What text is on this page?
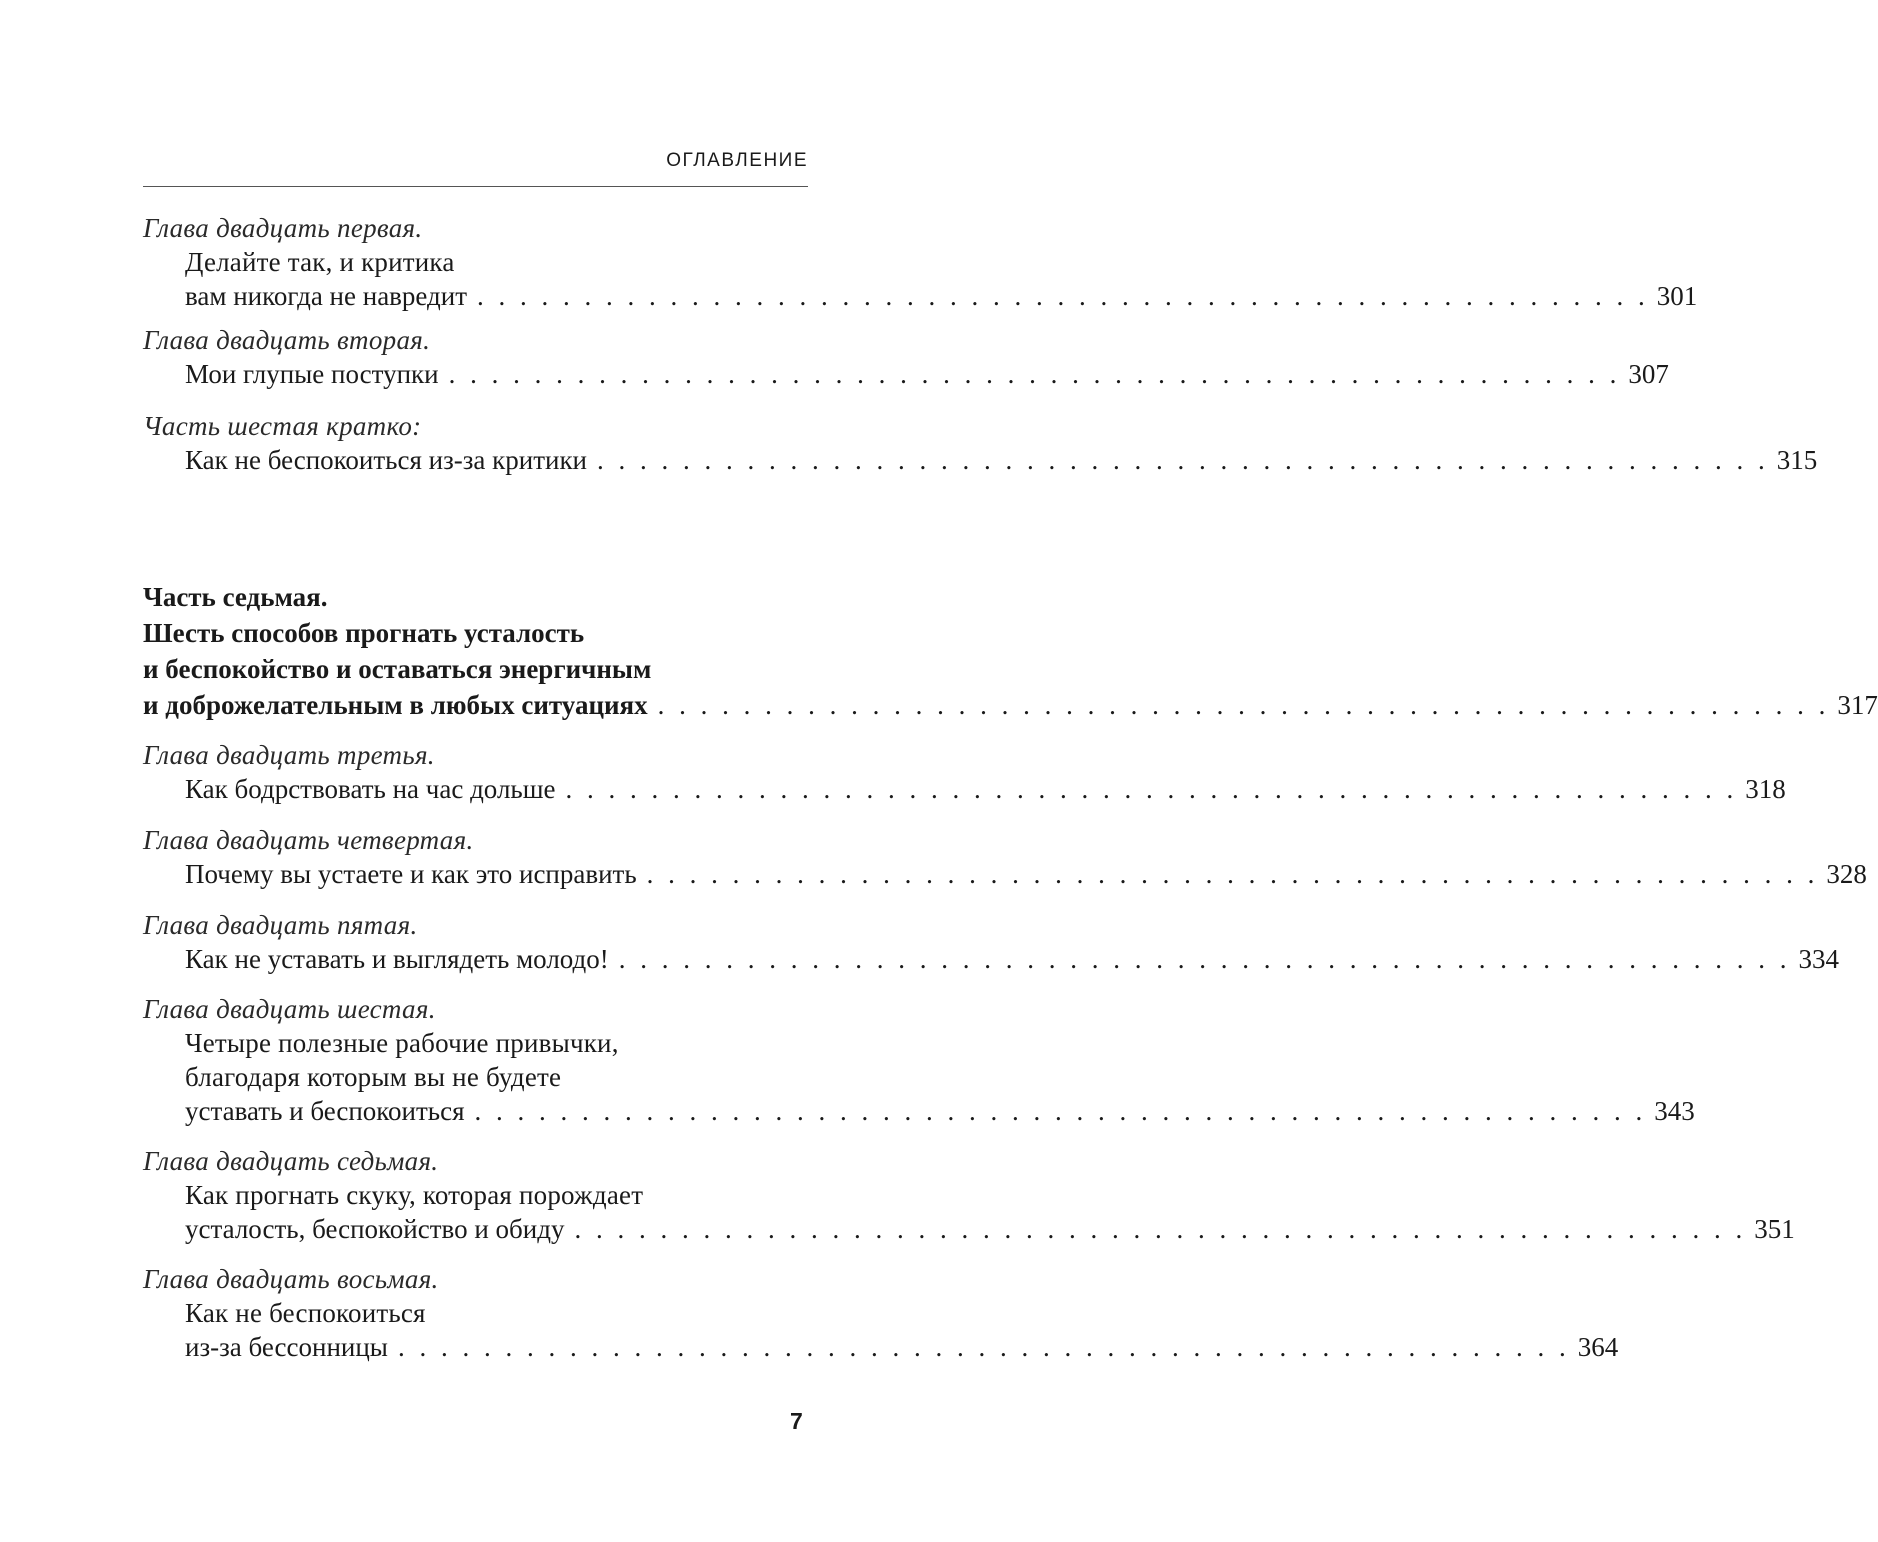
ОГЛАВЛЕНИЕ
Глава двадцать первая.
Делайте так, и критика
вам никогда не навредит . . . . . . . . . . . . . . . . . . . . . . . . . . . . . . . . . . . . . . . . . . . . . . . . . . . . . . . 301
Глава двадцать вторая.
Мои глупые поступки . . . . . . . . . . . . . . . . . . . . . . . . . . . . . . . . . . . . . . . . . . . . . . . . . . . . . . . 307
Часть шестая кратко:
Как не беспокоиться из-за критики . . . . . . . . . . . . . . . . . . . . . . . . . . . . . . . . . . . . . . . . . . . . . . . . . . . . . . . 315
Часть седьмая.
Шесть способов прогнать усталость
и беспокойство и оставаться энергичным
и доброжелательным в любых ситуациях . . . . . . . . . . . . . . . . . . . . . . . . . . . . . . . . . . . . . . . . . . . . . . . . . . . . . . . 317
Глава двадцать третья.
Как бодрствовать на час дольше . . . . . . . . . . . . . . . . . . . . . . . . . . . . . . . . . . . . . . . . . . . . . . . . . . . . . . . 318
Глава двадцать четвертая.
Почему вы устаете и как это исправить . . . . . . . . . . . . . . . . . . . . . . . . . . . . . . . . . . . . . . . . . . . . . . . . . . . . . . . 328
Глава двадцать пятая.
Как не уставать и выглядеть молодо! . . . . . . . . . . . . . . . . . . . . . . . . . . . . . . . . . . . . . . . . . . . . . . . . . . . . . . . 334
Глава двадцать шестая.
Четыре полезные рабочие привычки,
благодаря которым вы не будете
уставать и беспокоиться . . . . . . . . . . . . . . . . . . . . . . . . . . . . . . . . . . . . . . . . . . . . . . . . . . . . . . . 343
Глава двадцать седьмая.
Как прогнать скуку, которая порождает
усталость, беспокойство и обиду . . . . . . . . . . . . . . . . . . . . . . . . . . . . . . . . . . . . . . . . . . . . . . . . . . . . . . . 351
Глава двадцать восьмая.
Как не беспокоиться
из-за бессонницы . . . . . . . . . . . . . . . . . . . . . . . . . . . . . . . . . . . . . . . . . . . . . . . . . . . . . . . 364
7
